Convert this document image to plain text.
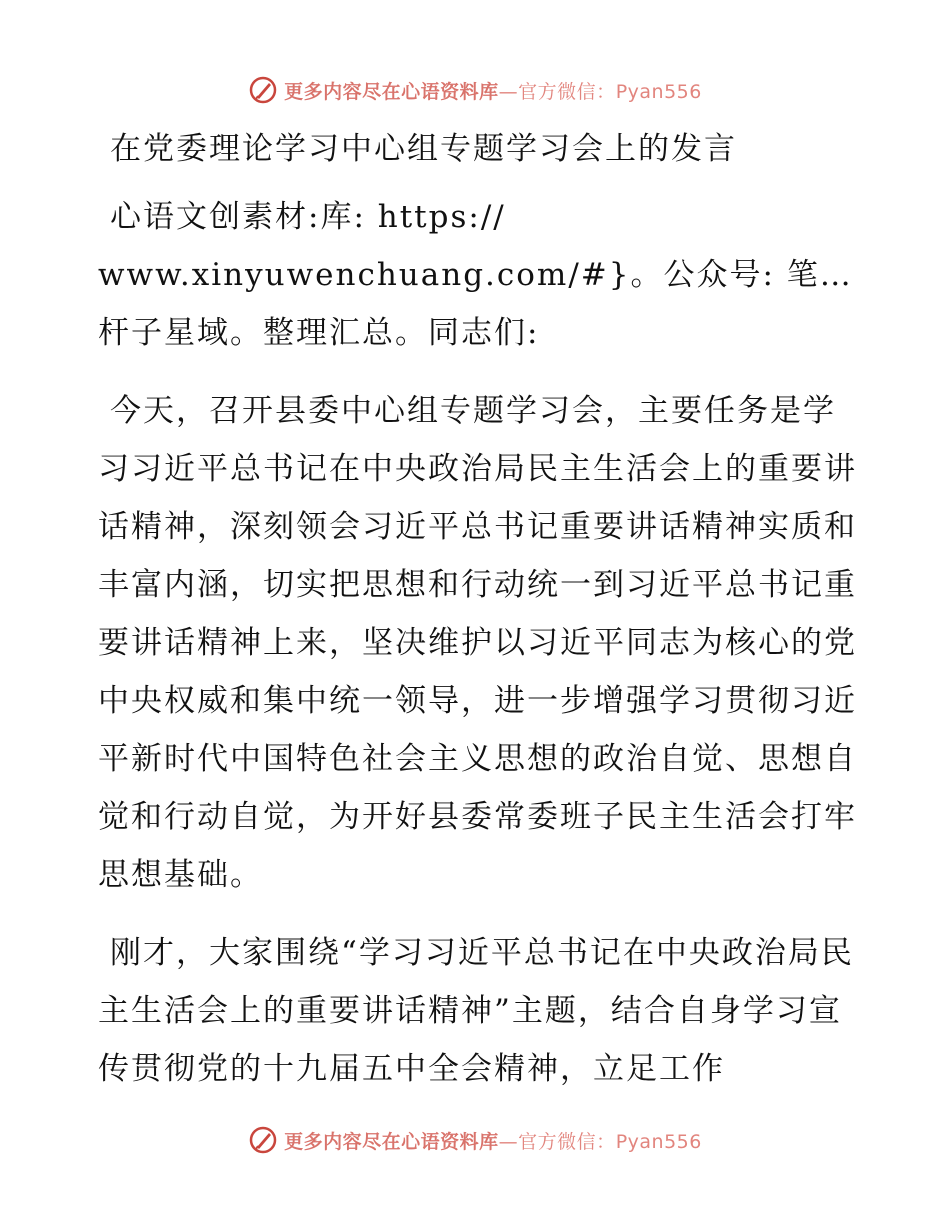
更多内容尽在心语资料库—官方微信：Pyan556
在党委理论学习中心组专题学习会上的发言

心语文创素材:库: https://
www.xinyuwenchuang.com/#}。公众号: 笔…杆子星域。整理汇总。同志们:

今天，召开县委中心组专题学习会，主要任务是学习习近平总书记在中央政治局民主生活会上的重要讲话精神，深刻领会习近平总书记重要讲话精神实质和丰富内涵，切实把思想和行动统一到习近平总书记重要讲话精神上来，坚决维护以习近平同志为核心的党中央权威和集中统一领导，进一步增强学习贯彻习近平新时代中国特色社会主义思想的政治自觉、思想自觉和行动自觉，为开好县委常委班子民主生活会打牢思想基础。

刚才，大家围绕“学习习近平总书记在中央政治局民主生活会上的重要讲话精神”主题，结合自身学习宣传贯彻党的十九届五中全会精神，立足工作

更多内容尽在心语资料库—官方微信：Pyan556
